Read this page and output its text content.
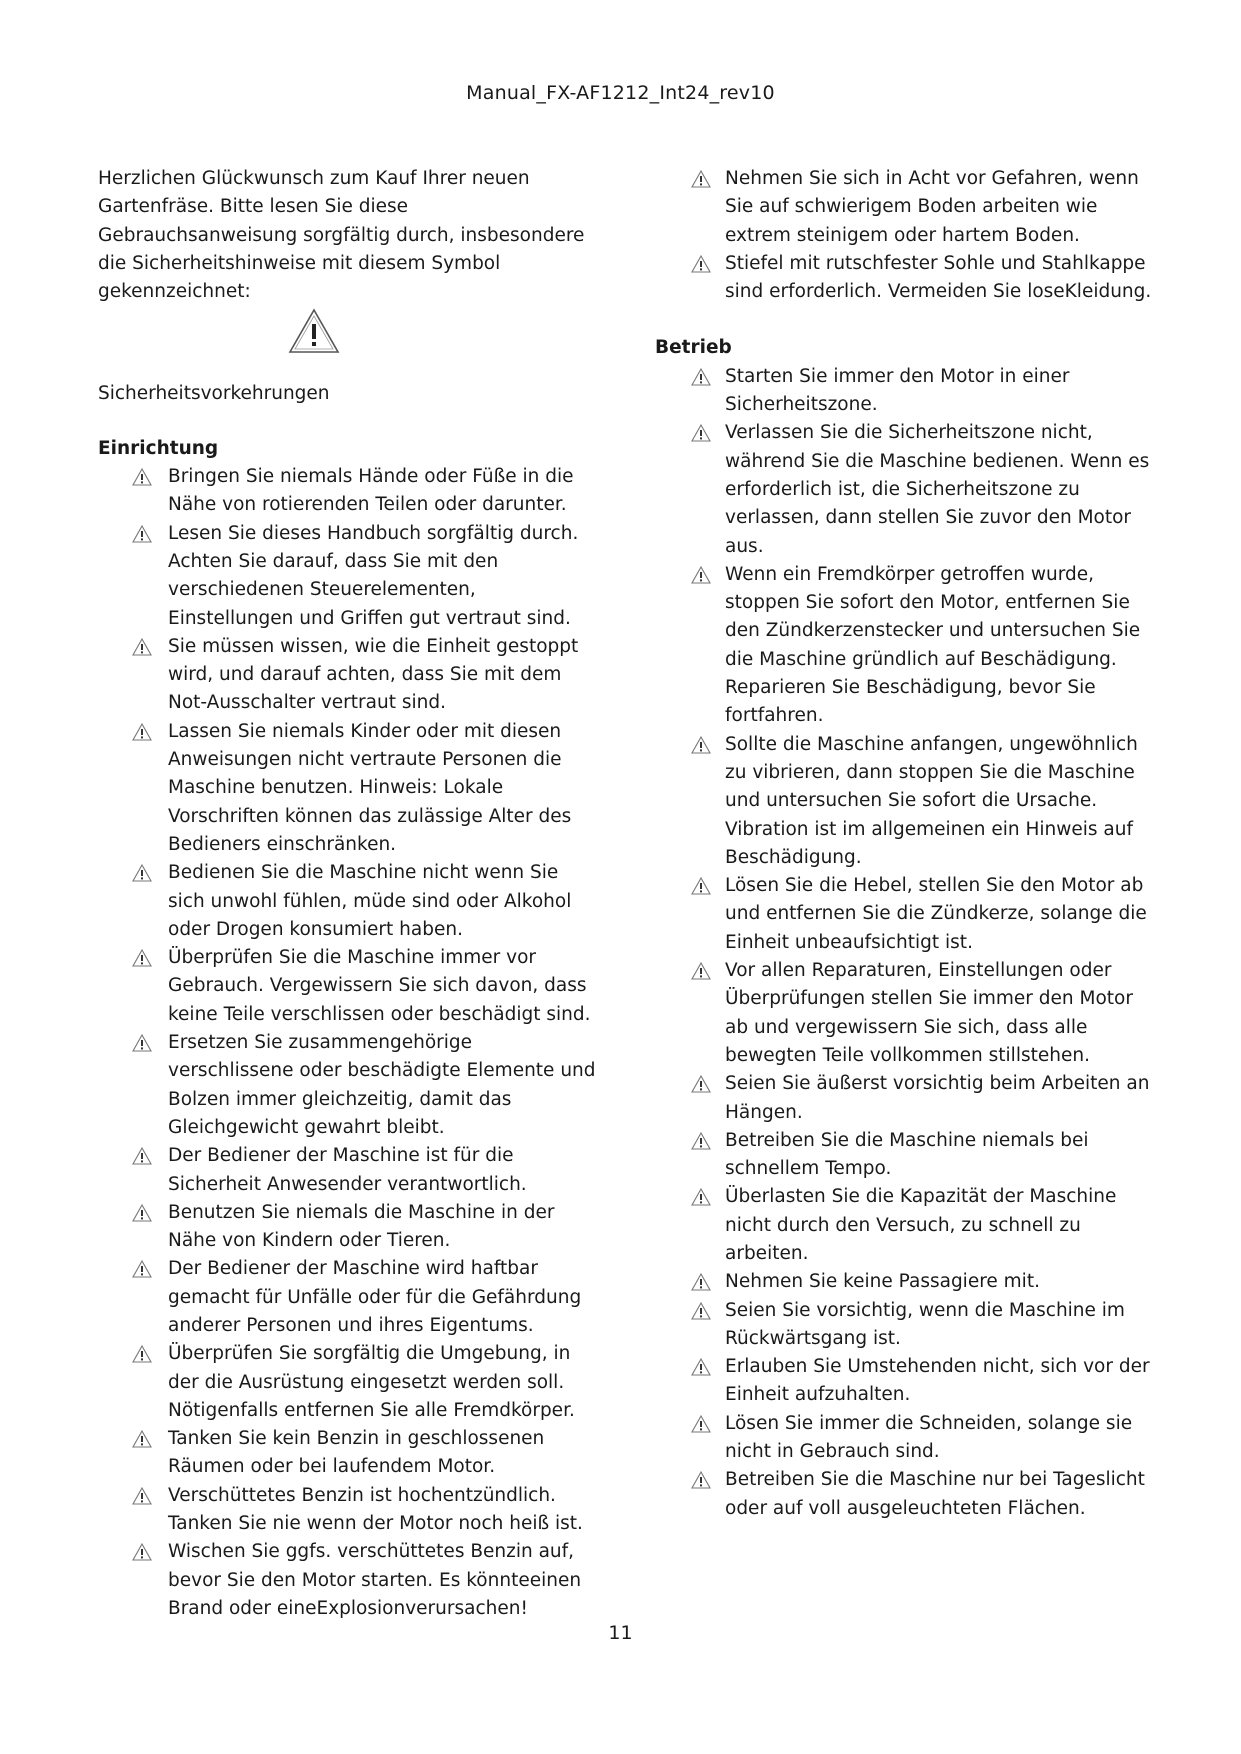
Manual_FX-AF1212_Int24_rev10

Herzlichen Glückwunsch zum Kauf Ihrer neuen Gartenfräse. Bitte lesen Sie diese Gebrauchsanweisung sorgfältig durch, insbesondere die Sicherheitshinweise mit diesem Symbol gekennzeichnet:

Sicherheitsvorkehrungen
Einrichtung
Bringen Sie niemals Hände oder Füße in die Nähe von rotierenden Teilen oder darunter.
Lesen Sie dieses Handbuch sorgfältig durch. Achten Sie darauf, dass Sie mit den verschiedenen Steuerelementen, Einstellungen und Griffen gut vertraut sind.
Sie müssen wissen, wie die Einheit gestoppt wird, und darauf achten, dass Sie mit dem Not-Ausschalter vertraut sind.
Lassen Sie niemals Kinder oder mit diesen Anweisungen nicht vertraute Personen die Maschine benutzen. Hinweis: Lokale Vorschriften können das zulässige Alter des Bedieners einschränken.
Bedienen Sie die Maschine nicht wenn Sie sich unwohl fühlen, müde sind oder Alkohol oder Drogen konsumiert haben.
Überprüfen Sie die Maschine immer vor Gebrauch. Vergewissern Sie sich davon, dass keine Teile verschlissen oder beschädigt sind.
Ersetzen Sie zusammengehörige verschlissene oder beschädigte Elemente und Bolzen immer gleichzeitig, damit das Gleichgewicht gewahrt bleibt.
Der Bediener der Maschine ist für die Sicherheit Anwesender verantwortlich.
Benutzen Sie niemals die Maschine in der Nähe von Kindern oder Tieren.
Der Bediener der Maschine wird haftbar gemacht für Unfälle oder für die Gefährdung anderer Personen und ihres Eigentums.
Überprüfen Sie sorgfältig die Umgebung, in der die Ausrüstung eingesetzt werden soll. Nötigenfalls entfernen Sie alle Fremdkörper.
Tanken Sie kein Benzin in geschlossenen Räumen oder bei laufendem Motor.
Verschüttetes Benzin ist hochentzündlich. Tanken Sie nie wenn der Motor noch heiß ist.
Wischen Sie ggfs. verschüttetes Benzin auf, bevor Sie den Motor starten. Es könnteeinen Brand oder eineExplosionverursachen!
Nehmen Sie sich in Acht vor Gefahren, wenn Sie auf schwierigem Boden arbeiten wie extrem steinigem oder hartem Boden.
Stiefel mit rutschfester Sohle und Stahlkappe sind erforderlich. Vermeiden Sie loseKleidung.
Betrieb
Starten Sie immer den Motor in einer Sicherheitszone.
Verlassen Sie die Sicherheitszone nicht, während Sie die Maschine bedienen. Wenn es erforderlich ist, die Sicherheitszone zu verlassen, dann stellen Sie zuvor den Motor aus.
Wenn ein Fremdkörper getroffen wurde, stoppen Sie sofort den Motor, entfernen Sie den Zündkerzenstecker und untersuchen Sie die Maschine gründlich auf Beschädigung. Reparieren Sie Beschädigung, bevor Sie fortfahren.
Sollte die Maschine anfangen, ungewöhnlich zu vibrieren, dann stoppen Sie die Maschine und untersuchen Sie sofort die Ursache. Vibration ist im allgemeinen ein Hinweis auf Beschädigung.
Lösen Sie die Hebel, stellen Sie den Motor ab und entfernen Sie die Zündkerze, solange die Einheit unbeaufsichtigt ist.
Vor allen Reparaturen, Einstellungen oder Überprüfungen stellen Sie immer den Motor ab und vergewissern Sie sich, dass alle bewegten Teile vollkommen stillstehen.
Seien Sie äußerst vorsichtig beim Arbeiten an Hängen.
Betreiben Sie die Maschine niemals bei schnellem Tempo.
Überlasten Sie die Kapazität der Maschine nicht durch den Versuch, zu schnell zu arbeiten.
Nehmen Sie keine Passagiere mit.
Seien Sie vorsichtig, wenn die Maschine im Rückwärtsgang ist.
Erlauben Sie Umstehenden nicht, sich vor der Einheit aufzuhalten.
Lösen Sie immer die Schneiden, solange sie nicht in Gebrauch sind.
Betreiben Sie die Maschine nur bei Tageslicht oder auf voll ausgeleuchteten Flächen.
11
